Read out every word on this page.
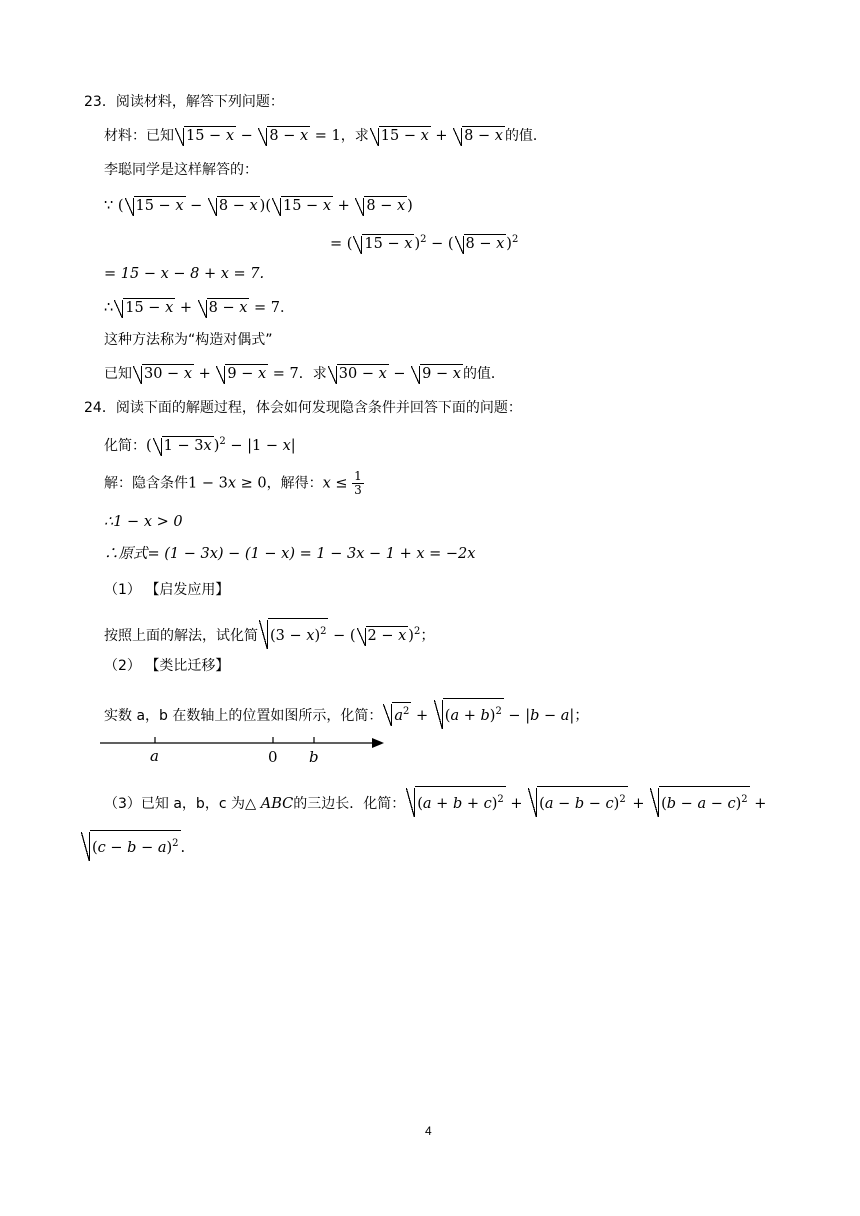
23．阅读材料，解答下列问题：
材料：已知 15 − x − 8 − x = 1，求 15 − x + 8 − x 的值．
李聪同学是这样解答的：
∵ ( 15 − x − 8 − x )( 15 − x + 8 − x )
= ( 15 − x )$^2$ − ( 8 − x )$^2$
= 15 − x − 8 + x = 7.
∴ 15 − x + 8 − x = 7．
这种方法称为“构造对偶式”
已知 30 − x + 9 − x = 7．求 30 − x − 9 − x 的值．
24．阅读下面的解题过程，体会如何发现隐含条件并回答下面的问题：
化简：( 1 − 3x )$^2$ − |1 − x|
解：隐含条件1 − 3x ≥ 0，解得：$x \le \frac{1}{3}$
∴1 − x > 0
∴原式= (1 − 3x) − (1 − x) = 1 − 3x − 1 + x = −2x
（1） 【启发应用】
按照上面的解法，试化简 $(3 - x)^2$ − ( 2 − x )$^2$；
（2） 【类比迁移】
实数 a，b 在数轴上的位置如图所示，化简： $a^2 + (a + b)^2 - |b - a|$；
a	0 b
（3）已知 a，b，c 为△ ABC的三边长．化简： $(a + b + c)^2 + (a - b - c)^2 + (b - a - c)^2$ +
$(c - b - a)^2$ .
4
